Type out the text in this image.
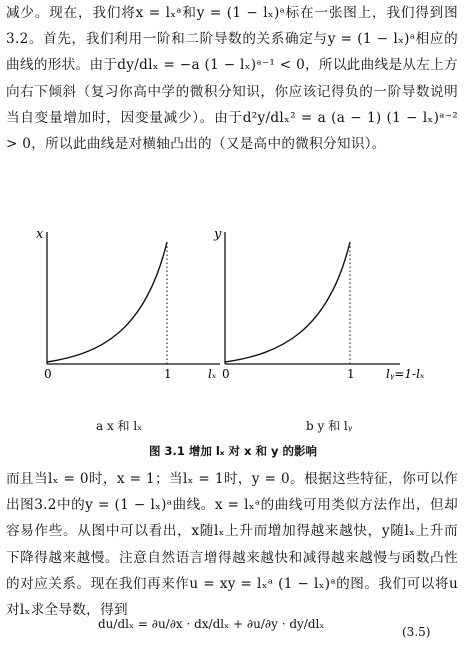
减少。现在，我们将x = lₓᵃ和y = (1 − lₓ)ᵃ标在一张图上，我们得到图3.2。首先，我们利用一阶和二阶导数的关系确定与y = (1 − lₓ)ᵃ相应的曲线的形状。由于dy/dlₓ = −a (1 − lₓ)ᵃ⁻¹ < 0，所以此曲线是从左上方向右下倾斜（复习你高中学的微积分知识，你应该记得负的一阶导数说明当自变量增加时，因变量减少）。由于d²y/dlₓ² = a (a − 1) (1 − lₓ)ᵃ⁻² > 0，所以此曲线是对横轴凸出的（又是高中的微积分知识）。
x
0	1	lₓ
y
0	1	lᵧ=1-lₓ
a x 和 lₓ	b y 和 lᵧ
图 3.1 增加 lₓ 对 x 和 y 的影响
而且当lₓ = 0时，x = 1；当lₓ = 1时，y = 0。根据这些特征，你可以作出图3.2中的y = (1 − lₓ)ᵃ曲线。x = lₓᵃ的曲线可用类似方法作出，但却容易作些。从图中可以看出，x随lₓ上升而增加得越来越快，y随lₓ上升而下降得越来越慢。注意自然语言增得越来越快和减得越来越慢与函数凸性的对应关系。现在我们再来作u = xy = lₓᵃ (1 − lₓ)ᵃ的图。我们可以将u对lₓ求全导数，得到
du/dlₓ = ∂u/∂x · dx/dlₓ + ∂u/∂y · dy/dlₓ
(3.5)
